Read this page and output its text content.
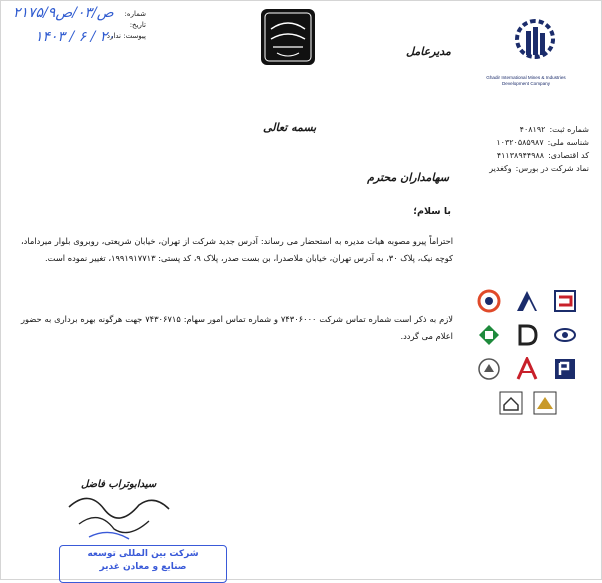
۲۱۷۵/ص/۰۳/ص۹
۱۴۰۳ / ۶ / ۲۰
شماره:
تاریخ:
پیوست: ندارد
Ghadir International Mines & Industries Development Company
شماره ثبت:
۴۰۸۱۹۲
شناسه ملی:
۱۰۳۲۰۵۸۵۹۸۷
کد اقتصادی:
۴۱۱۳۸۹۴۴۹۸۸
نماد شرکت در بورس:
وکغدیر
مدیرعامل
بسمه تعالی
سهامداران محترم
با سلام؛
احتراماً پیرو مصوبه هیات مدیره به استحضار می رساند: آدرس جدید شرکت از تهران، خیابان شریعتی، روبروی بلوار میرداماد، کوچه نیک، پلاک ۳۰، به آدرس تهران، خیابان ملاصدرا، بن بست صدر، پلاک ۹، کد پستی: ۱۹۹۱۹۱۷۷۱۳، تغییر نموده است.
لازم به ذکر است شماره تماس شرکت ۷۴۳۰۶۰۰۰ و شماره تماس امور سهام: ۷۴۳۰۶۷۱۵ جهت هرگونه بهره برداری به حضور اعلام می گردد.
سیدابوتراب فاضل
شرکت بین المللی توسعه
صنایع و معادن غدیر
